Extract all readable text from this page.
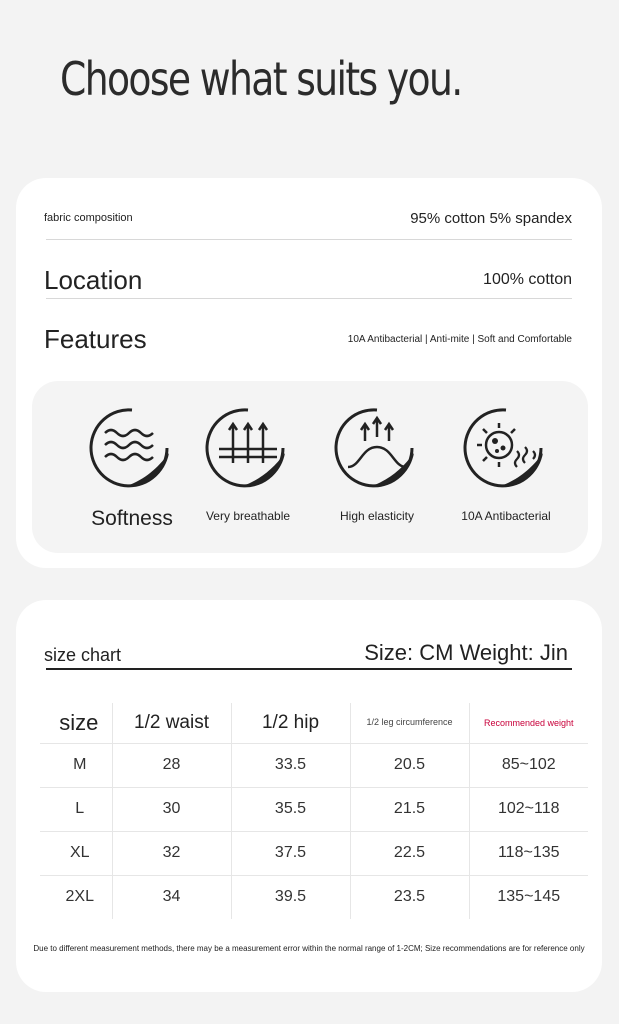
Choose what suits you.
fabric composition	95% cotton 5% spandex
Location	100% cotton
Features	10A Antibacterial | Anti-mite | Soft and Comfortable
Softness	Very breathable	High elasticity	10A Antibacterial
size chart	Size: CM Weight: Jin
size	1/2 waist	1/2 hip	1/2 leg circumference	Recommended weight
M	28	33.5	20.5	85~102
L	30	35.5	21.5	102~118
XL	32	37.5	22.5	118~135
2XL	34	39.5	23.5	135~145
Due to different measurement methods, there may be a measurement error within the normal range of 1-2CM; Size recommendations are for reference only
